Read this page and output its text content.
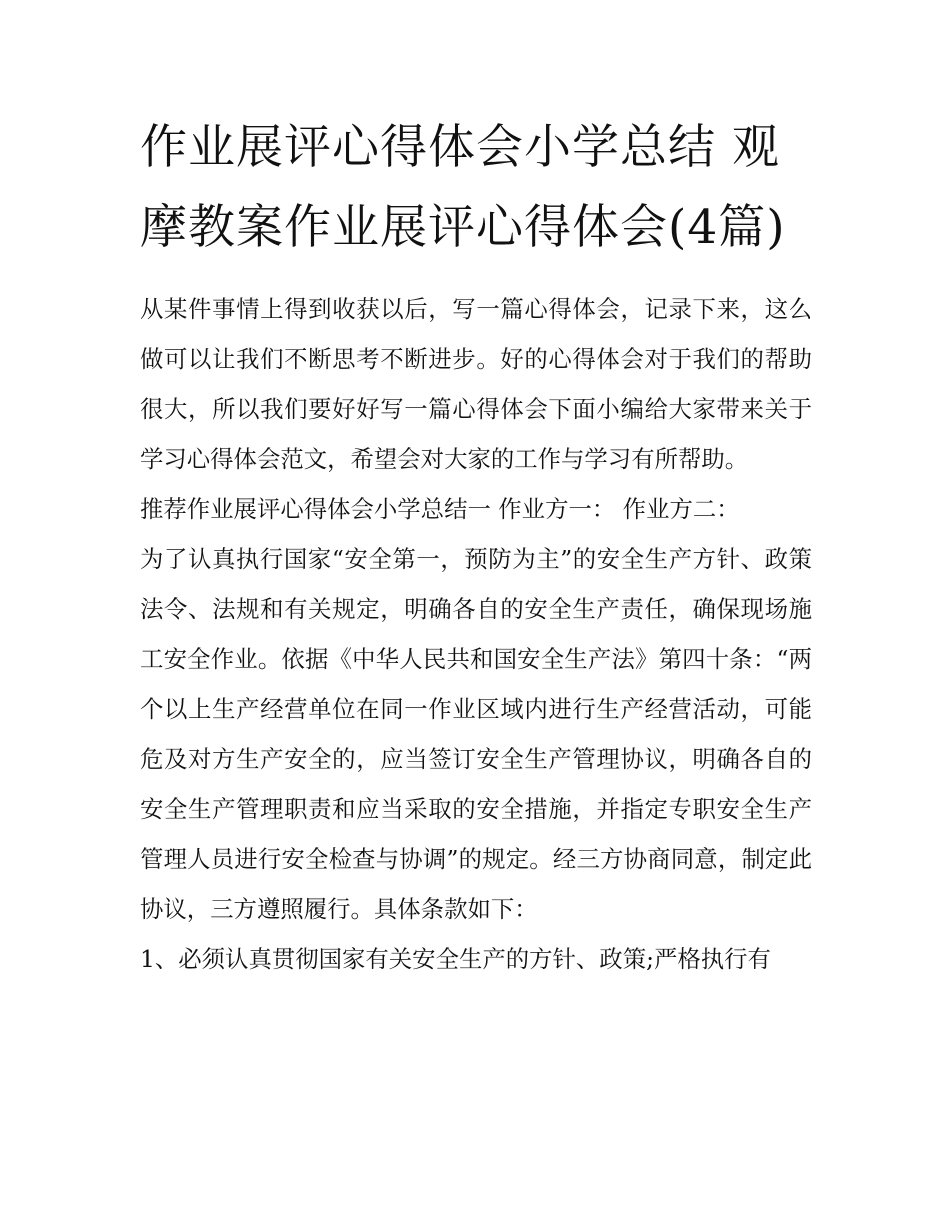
作业展评心得体会小学总结 观摩教案作业展评心得体会(4篇)

从某件事情上得到收获以后，写一篇心得体会，记录下来，这么做可以让我们不断思考不断进步。好的心得体会对于我们的帮助很大，所以我们要好好写一篇心得体会下面小编给大家带来关于学习心得体会范文，希望会对大家的工作与学习有所帮助。

推荐作业展评心得体会小学总结一 作业方一： 作业方二：

为了认真执行国家“安全第一，预防为主”的安全生产方针、政策法令、法规和有关规定，明确各自的安全生产责任，确保现场施工安全作业。依据《中华人民共和国安全生产法》第四十条：“两个以上生产经营单位在同一作业区域内进行生产经营活动，可能危及对方生产安全的，应当签订安全生产管理协议，明确各自的安全生产管理职责和应当采取的安全措施，并指定专职安全生产管理人员进行安全检查与协调”的规定。经三方协商同意，制定此协议，三方遵照履行。具体条款如下：

1、必须认真贯彻国家有关安全生产的方针、政策;严格执行有
